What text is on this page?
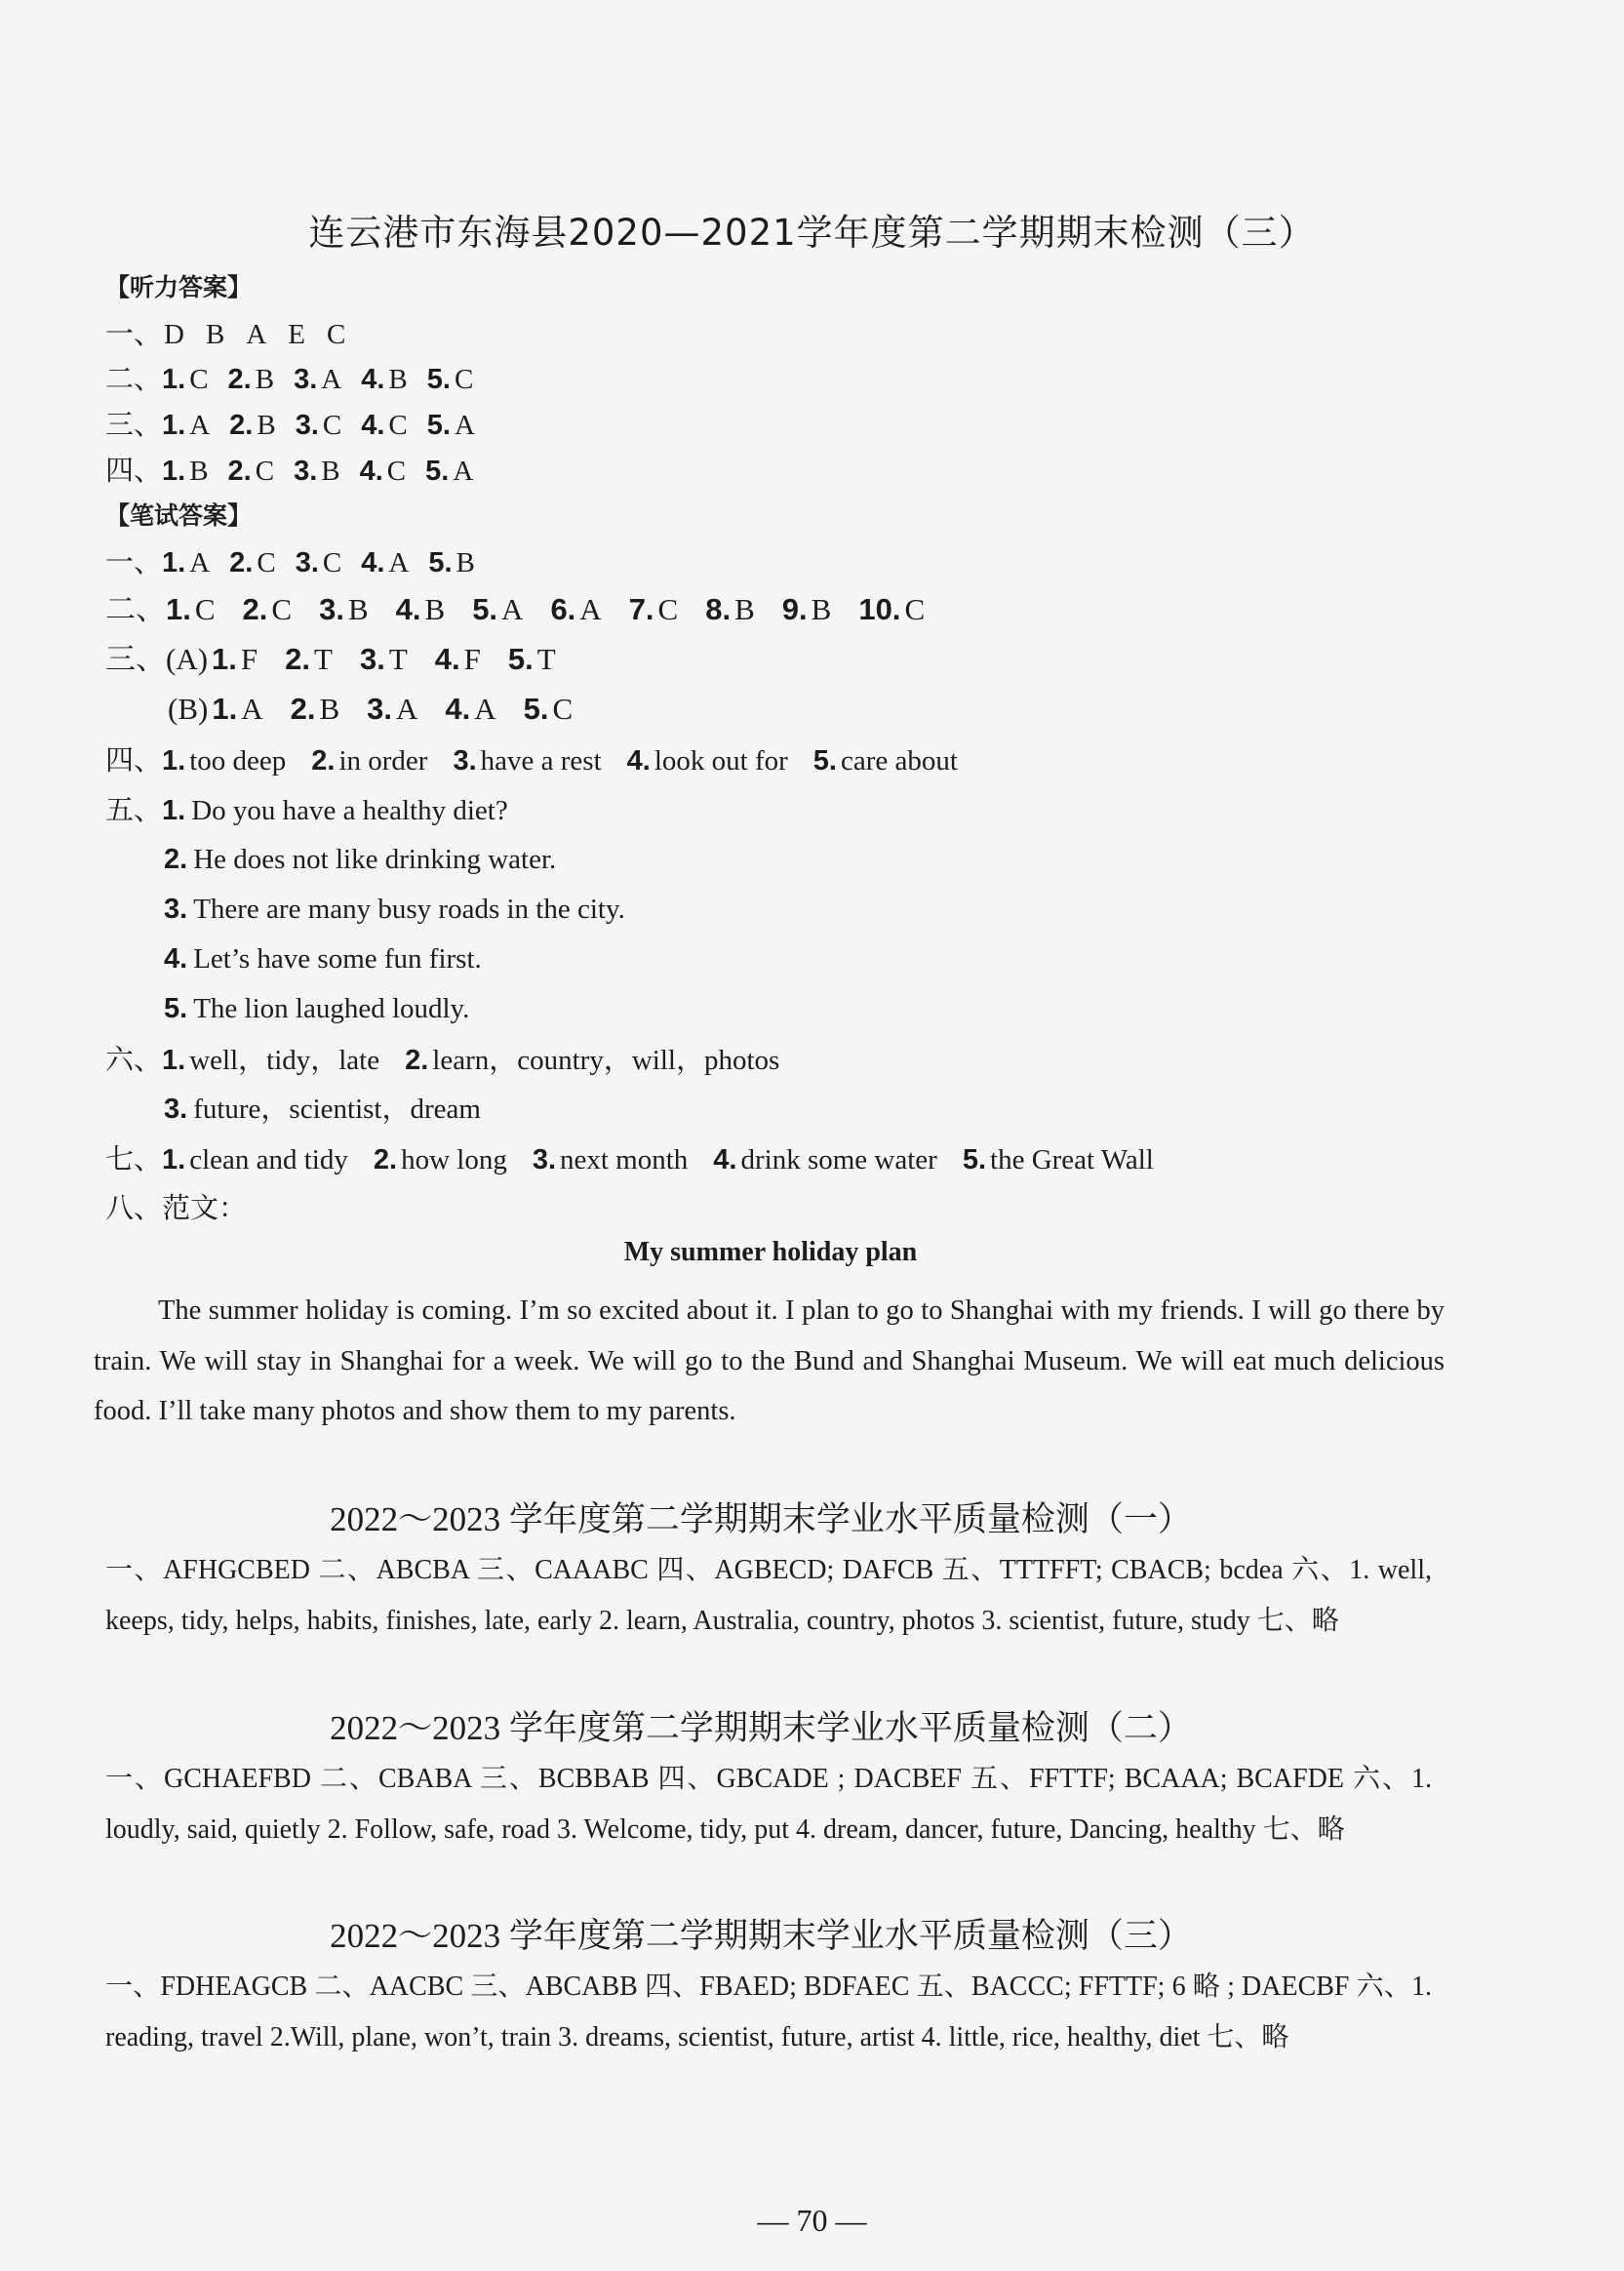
连云港市东海县2020—2021学年度第二学期期末检测（三）
【听力答案】
一、D B A E C
二、1. C 2. B 3. A 4. B 5. C
三、1. A 2. B 3. C 4. C 5. A
四、1. B 2. C 3. B 4. C 5. A
【笔试答案】
一、1. A 2. C 3. C 4. A 5. B
二、1. C 2. C 3. B 4. B 5. A 6. A 7. C 8. B 9. B 10. C
三、(A) 1. F 2. T 3. T 4. F 5. T
(B) 1. A 2. B 3. A 4. A 5. C
四、1. too deep 2. in order 3. have a rest 4. look out for 5. care about
五、1. Do you have a healthy diet?
2. He does not like drinking water.
3. There are many busy roads in the city.
4. Let’s have some fun first.
5. The lion laughed loudly.
六、1. well，tidy，late 2. learn，country，will，photos
3. future，scientist，dream
七、1. clean and tidy 2. how long 3. next month 4. drink some water 5. the Great Wall
八、范文：
My summer holiday plan
The summer holiday is coming. I’m so excited about it. I plan to go to Shanghai with my friends. I will go there by train. We will stay in Shanghai for a week. We will go to the Bund and Shanghai Museum. We will eat much delicious food. I’ll take many photos and show them to my parents.
2022～2023 学年度第二学期期末学业水平质量检测（一）
一、AFHGCBED 二、ABCBA 三、CAAABC 四、AGBECD; DAFCB 五、TTTFFT; CBACB; bcdea 六、1. well, keeps, tidy, helps, habits, finishes, late, early 2. learn, Australia, country, photos 3. scientist, future, study 七、略
2022～2023 学年度第二学期期末学业水平质量检测（二）
一、GCHAEFBD 二、CBABA 三、BCBBAB 四、GBCADE ; DACBEF 五、FFTTF; BCAAA; BCAFDE 六、1. loudly, said, quietly 2. Follow, safe, road 3. Welcome, tidy, put 4. dream, dancer, future, Dancing, healthy 七、略
2022～2023 学年度第二学期期末学业水平质量检测（三）
一、FDHEAGCB 二、AACBC 三、ABCABB 四、FBAED; BDFAEC 五、BACCC; FFTTF; 6 略 ; DAECBF 六、1. reading, travel 2.Will, plane, won’t, train 3. dreams, scientist, future, artist 4. little, rice, healthy, diet 七、略
— 70 —
